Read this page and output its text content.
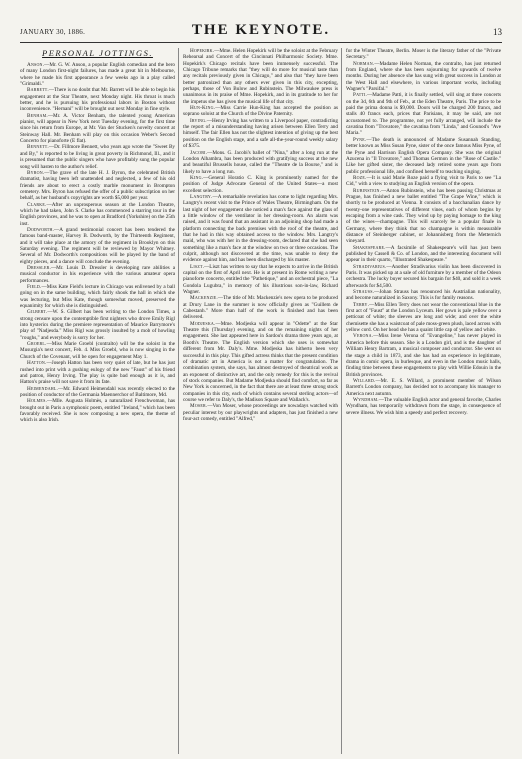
JANUARY 30, 1886.	THE KEYNOTE.	13
PERSONAL JOTTINGS.

Anson.—Mr. G. W. Anson, a popular English comedian and the bero of many London first-night failures, has made a great hit in Melbourne, where he made his first appearance a few weeks ago in a play called "Grimaldi."

Barrett.—There is no doubt that Mr. Barrett will be able to begin his engagement at the Star Theatre, next Monday night. His throat is much better, and he is pursuing his professional labors in Boston without inconvenience. "Hernani" will be brought out next Monday in fine style.

Benham.—Mr. A. Victor Benham, the talented young American pianist, will appear in New York next Tuesday evening, for the first time since his return from Europe, at Mr. Van der Stucken's novelty concert at Steinway Hall. Mr. Benham will play on this occasion Weber's Second Concerto for pianoforte (E flat).

Bennett.—Dr. Fillmore Bennett, who years ago wrote the "Sweet By and By," is reported to be living in great poverty in Richmond, Ill., and it is presumed that the public singers who have profitably sung the popular song will hasten to the author's relief.

Byron.—The grave of the late H. J. Byron, the celebrated British dramatist, having been left unattended and neglected, a few of his old friends are about to erect a costly marble monument in Brompton cemetery. Mrs. Byron has refused the offer of a public subscription on her behalf, as her husband's copyrights are worth $5,000 per year.

Clarke.—After an unprosperous season at the London Theatre, which he had taken, John S. Clarke has commenced a starring tour in the English provinces, and he was to open at Bradford (Yorkshire) on the 25th inst.

Dodworth.—A grand testimonial concert has been tendered the famous band-master, Harvey B. Dodworth, by the Thirteenth Regiment, and it will take place at the armory of the regiment in Brooklyn on this Saturday evening. The regiment will be reviewed by Mayor Whitney. Several of Mr. Dodworth's compositions will be played by the band of eighty pieces, and a dance will conclude the evening.

Dressler.—Mr. Louis D. Dressler is developing rare abilities a musical conductor in his experience with the various amateur opera performances.

Field.—Miss Kate Field's lecture in Chicago was enlivened by a ball going on in the same building, which fairly shook the hall in which she was lecturing, but Miss Kate, though somewhat moved, preserved the equanimity for which she is distinguished.

Gilbert.—W. S. Gilbert has been writing to the London Times, a strong censure upon the contemptible first nighters who drove Emily Rigl into hysterics during the premiere representation of Maurice Barrymore's play of "Nadjesda." Miss Rigl was grossly insulted by a mob of howling "roughs," and everybody is sorry for her.

Groebl.—Miss Marie Groebl (contralto) will be the soloist in the Musurgia's next concert, Feb. 4. Miss Groebl, who is now singing in the Church of the Covenant, will be open for engagement May 1.

Hatton.—Joseph Hatton has been very quiet of late, but he has just rushed into print with a gushing eulogy of the new "Faust" of his friend and patron, Henry Irving. The play is quite bad enough as it is, and Hatton's praise will not save it from its fate.

Heimendahl.—Mr. Edward Heimendahl was recently elected to the position of conductor of the Germania Maennerchor of Baltimore, Md.

Holmes.—Mlle. Augusta Holmès, a naturalized Frenchwoman, has brought out in Paris a symphonic poem, entitled "Ireland," which has been favorably received. She is now composing a new opera, the theme of which is also Irish.

Hopekirk.—Mme. Helen Hopekirk will be the soloist at the February Rehearsal and Concert of the Cincinnati Philharmonic Society. Mme. Hopekirk's Chicago recitals have been immensely successful. The Chicago Tribune remarks that "they will do more for musical taste than any recitals previously given in Chicago," and also that "they have been better patronized than any others ever given in this city, excepting, perhaps, those of Von Bulow and Rubinstein. The Milwaukee press is unanimous in its praise of Mme. Hopekirk, and in its gratitude to her for the impetus she has given the musical life of that city.

Hun-King.—Miss Carrie Hun-King has accepted the position as soprano soloist at the Church of the Divine Paternity.

Irving.—Henry Irving has written to a Liverpool paper, contradicting the report of a misunderstanding having arisen between Ellen Terry and himself. The fair Ellen has not the slightest intention of giving up the best position on the English stage, and a safe all-the-year-round weekly salary of $375.

Jacobi.—Mons. G. Jacobi's ballet of "Nina," after a long run at the London Alhambra, has been produced with gratifying success at the new and beautiful Brussells house, called the "Theatre de la Bourse," and is likely to have a long run.

King.—General Horatio C. King is prominently named for the position of Judge Advocate General of the United States—a most excellent selection.

Langtry.—A remarkable revelation has come to light regarding Mrs. Langtry's recent visit to the Prince of Wales Theatre, Birmingham. On the last night of her engagement she noticed a man's face against the glass of a little window of the ventilator in her dressing-room. An alarm was raised, and it was found that an assistant in an adjoining shop had made a platform connecting the back premises with the roof of the theatre, and that he had in this way obtained access to the window. Mrs. Langtry's maid, who was with her in the dressing-room, declared that she had seen something like a man's face at the window on two or three occasions. The culprit, although not discovered at the time, was unable to deny the evidence against him, and has been discharged by his master.

Liszt.—Liszt has written to say that he expects to arrive in the British capital on the first of April next. He is at present in Rome writing a new pianoforte concerto, entitled the "Pathetique," and an orchestral piece, "La Gondola Lugubra," in memory of his illustrious son-in-law, Richard Wagner.

Mackenzie.—The title of Mr. Mackenzie's new opera to be produced at Drury Lane in the summer is now officially given as "Guillem de Cabestanh." More than half of the work is finished and has been delivered.

Modjeska.—Mme. Modjeska will appear in "Odette" at the Star Theatre this (Thursday) evening, and on the remaining nights of her engagement. She last appeared here in Sardou's drama three years ago, at Booth's Theatre. The English version which she uses is somewhat different from Mr. Daly's. Mme. Modjeska has hitherto been very successful in this play. This gifted actress thinks that the present condition of dramatic art in America is not a matter for congratulation. The combination system, she says, has almost destroyed of theatrical work as an exponent of distinctive art, and the only remedy for this is the revival of stock companies. But Madame Modjeska should find comfort, so far as New York is concerned, in the fact that there are at least three strong stock companies in this city, each of which contains several sterling actors—of course we refer to Daly's, the Madison Square and Wallack's.

Moser.—Von Moser, whose proceedings are nowadays watched with peculiar interest by our playwrights and adapters, has just finished a new four-act comedy, entitled "Alfred,"

for the Winter Theatre, Berlin. Moser is the literary father of the "Private Secretary."

Norman.—Madame Helen Norman, the contralto, has just returned from England, where she has been sojourning for upwards of twelve months. During her absence she has sung with great success in London at the West Hall and elsewhere, in various important works, including Wagner's "Parsifal."

Patti.—Madame Patti, it is finally settled, will sing at three concerts on the 3d, 6th and 9th of Feb., at the Eden Theatre, Paris. The price to be paid the prima donna is $9,000. Doors will be charged 200 francs, and stalls 40 francs each, prices that Parisians, it may be said, are not accustomed to. The programme, not yet fully arranged, will include the cavatina from "Trovatore," the cavatina from "Linda," and Gounod's "Ave Maria."

Pyne.—The death is announced of Madame Susannah Standing, better known as Miss Susan Pyne, sister of the once famous Miss Pyne, of the Pyne and Harrison English Opera Company. She was the original Azucena in "Il Trovatore," and Thomas Germon in the "Rose of Castile." Like her gifted sister, the deceased lady retired some years ago from public professional life, and confined herself to teaching singing.

Roze.—It is said Marie Roze paid a flying visit to Paris to see "La Cid," with a view to studying an English version of the opera.

Rubinstein.—Anton Rubinstein, who has been passing Christmas at Prague, has finished a new ballet entitled "The Grape Wine," which is shortly to be produced at Vienna. It consists of a bacchanalian dance by twenty-one representatives of different vines, each of whom begins by escaping from a wine cask. They wind up by paying homage to the king of the wines—champagne. This will scarcely be a popular finale in Germany, where they think that no champagne is within measurable distance of Steinberger cabinet, or Johannisberg from the Metternich vineyard.

Shakespeare.—A facsimile of Shakespeare's will has just been published by Cassell & Co. of London, and the interesting document will appear in their quarto, "Illustrated Shakespeare."

Stradivarius.—Another Stradivarius violin has been discovered in Paris. It was picked up at a sale of old furniture by a member of the Odeon orchestra. The lucky buyer secured his bargain for $40, and sold it a week afterwards for $4,500.

Strauss.—Johan Strauss has renounced his Austrialian nationality, and become naturalized in Saxony. This is for family reasons.

Terry.—Miss Ellen Terry does not wear the conventional blue in the first act of "Faust" at the London Lyceum. Her gown is pale yellow over a petticoat of white; the sleeves are long and wide; and over the white chemisette she has a waistcoat of pale moss-green plush, laced across with yellow cord. On her head she has a quaint little cap of yellow and white.

Verona.—Miss Irene Verona of "Evangeline," has never played in America before this season. She is a London girl, and is the daughter of William Henry Bartram, a musical composer and conductor. She went on the stage a child in 1873, and she has had an experience in legitimate, drama in comic opera, in burlesque, and even in the London music halls, finding time between these engagements to play with Willie Edouin in the British provinces.

Willard.—Mr. E. S. Willard, a prominent member of Wilson Barrett's London company, has decided not to accompany his manager to America next autumn.

Wyndham.—The valuable English actor and general favorite, Charles Wyndham, has temporarily withdrawn from the stage, in consequence of severe illness. We wish him a speedy and perfect recovery.
